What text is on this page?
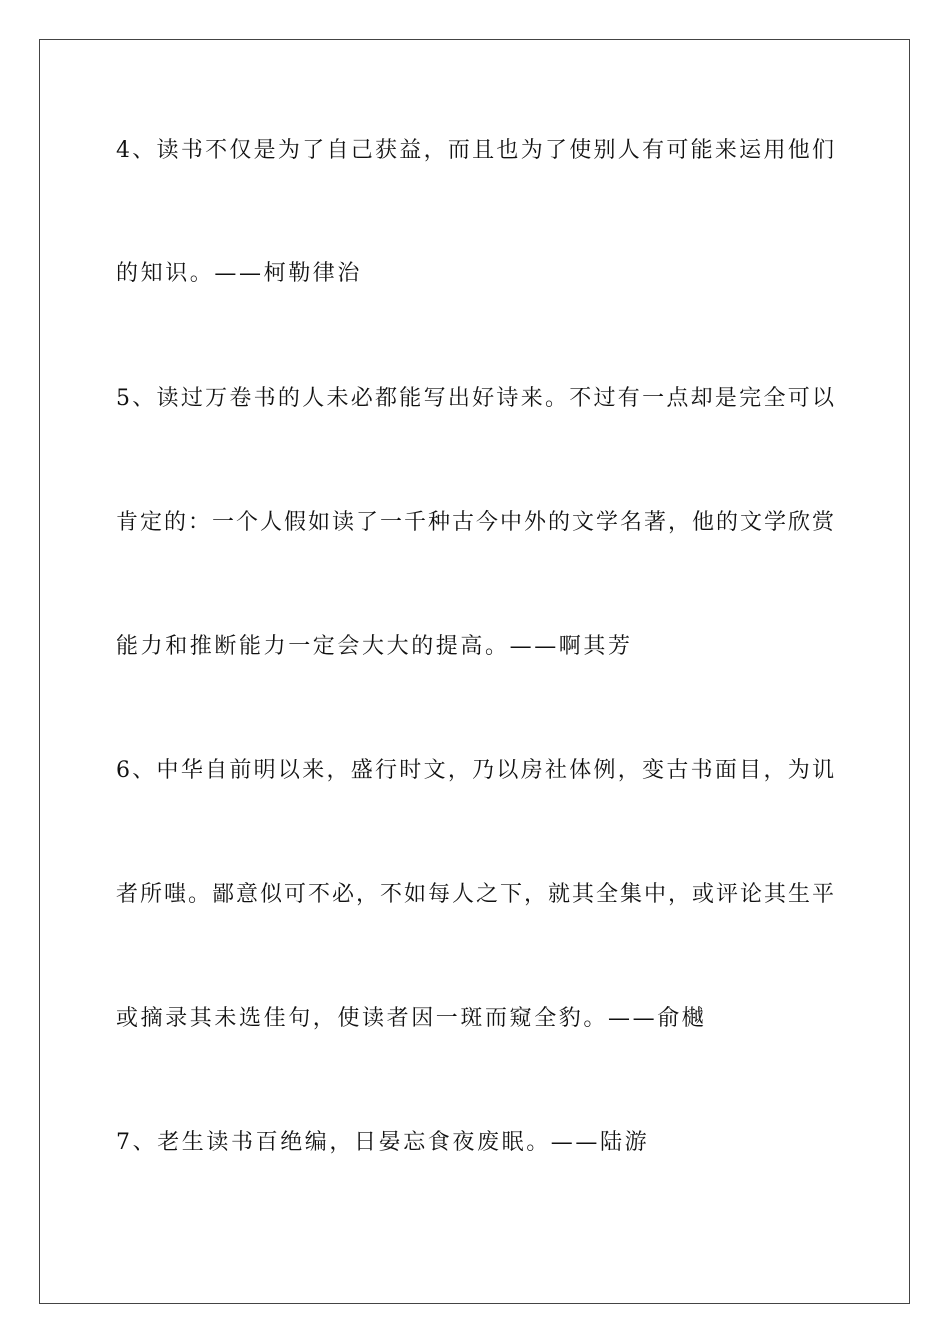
4、读书不仅是为了自己获益，而且也为了使别人有可能来运用他们
的知识。——柯勒律治
5、读过万卷书的人未必都能写出好诗来。不过有一点却是完全可以
肯定的：一个人假如读了一千种古今中外的文学名著，他的文学欣赏
能力和推断能力一定会大大的提高。——啊其芳
6、中华自前明以来，盛行时文，乃以房社体例，变古书面目，为讥
者所嗤。鄙意似可不必，不如每人之下，就其全集中，或评论其生平
或摘录其未选佳句，使读者因一斑而窥全豹。——俞樾
7、老生读书百绝编，日晏忘食夜废眠。——陆游
